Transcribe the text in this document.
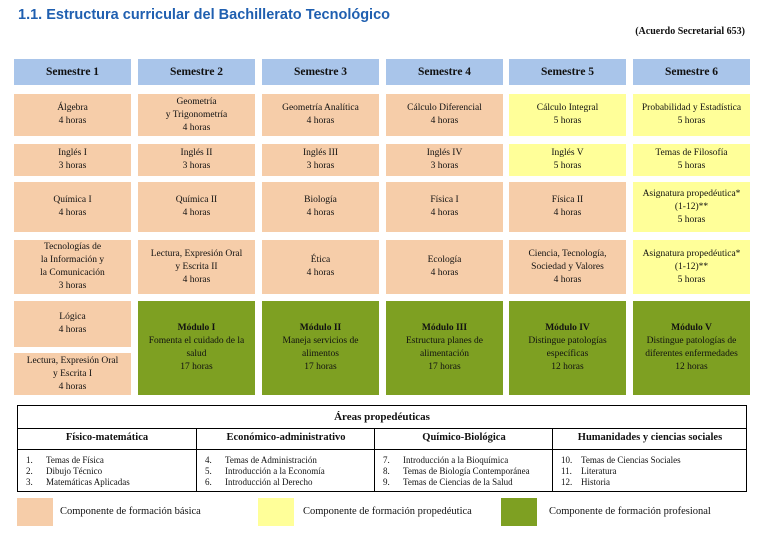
1.1. Estructura curricular del Bachillerato Tecnológico
(Acuerdo Secretarial 653)
Semestre 1
Álgebra
4 horas
Inglés I
3 horas
Química I
4 horas
Tecnologías de
la Información y
la Comunicación
3 horas
Lógica
4 horas
Lectura, Expresión Oral
y Escrita I
4 horas
Semestre 2
Geometría
y Trigonometría
4 horas
Inglés II
3 horas
Química II
4 horas
Lectura, Expresión Oral
y Escrita II
4 horas
Módulo I
Fomenta el cuidado de la
salud
17 horas
Semestre 3
Geometría Analítica
4 horas
Inglés III
3 horas
Biología
4 horas
Ética
4 horas
Módulo II
Maneja servicios de
alimentos
17 horas
Semestre 4
Cálculo Diferencial
4 horas
Inglés IV
3 horas
Física I
4 horas
Ecología
4 horas
Módulo III
Estructura planes de
alimentación
17 horas
Semestre 5
Cálculo Integral
5 horas
Inglés V
5 horas
Física II
4 horas
Ciencia, Tecnología,
Sociedad y Valores
4 horas
Módulo IV
Distingue patologías
específicas
12 horas
Semestre 6
Probabilidad y Estadística
5 horas
Temas de Filosofía
5 horas
Asignatura propedéutica*
(1-12)**
5 horas
Asignatura propedéutica*
(1-12)**
5 horas
Módulo V
Distingue patologías de
diferentes enfermedades
12 horas
Áreas propedéuticas
Físico-matemática
1. Temas de Física
2. Dibujo Técnico
3. Matemáticas Aplicadas
Económico-administrativo
4. Temas de Administración
5. Introducción a la Economía
6. Introducción al Derecho
Químico-Biológica
7. Introducción a la Bioquímica
8. Temas de Biología Contemporánea
9. Temas de Ciencias de la Salud
Humanidades y ciencias sociales
10. Temas de Ciencias Sociales
11. Literatura
12. Historia
Componente de formación básica	Componente de formación propedéutica	Componente de formación profesional
